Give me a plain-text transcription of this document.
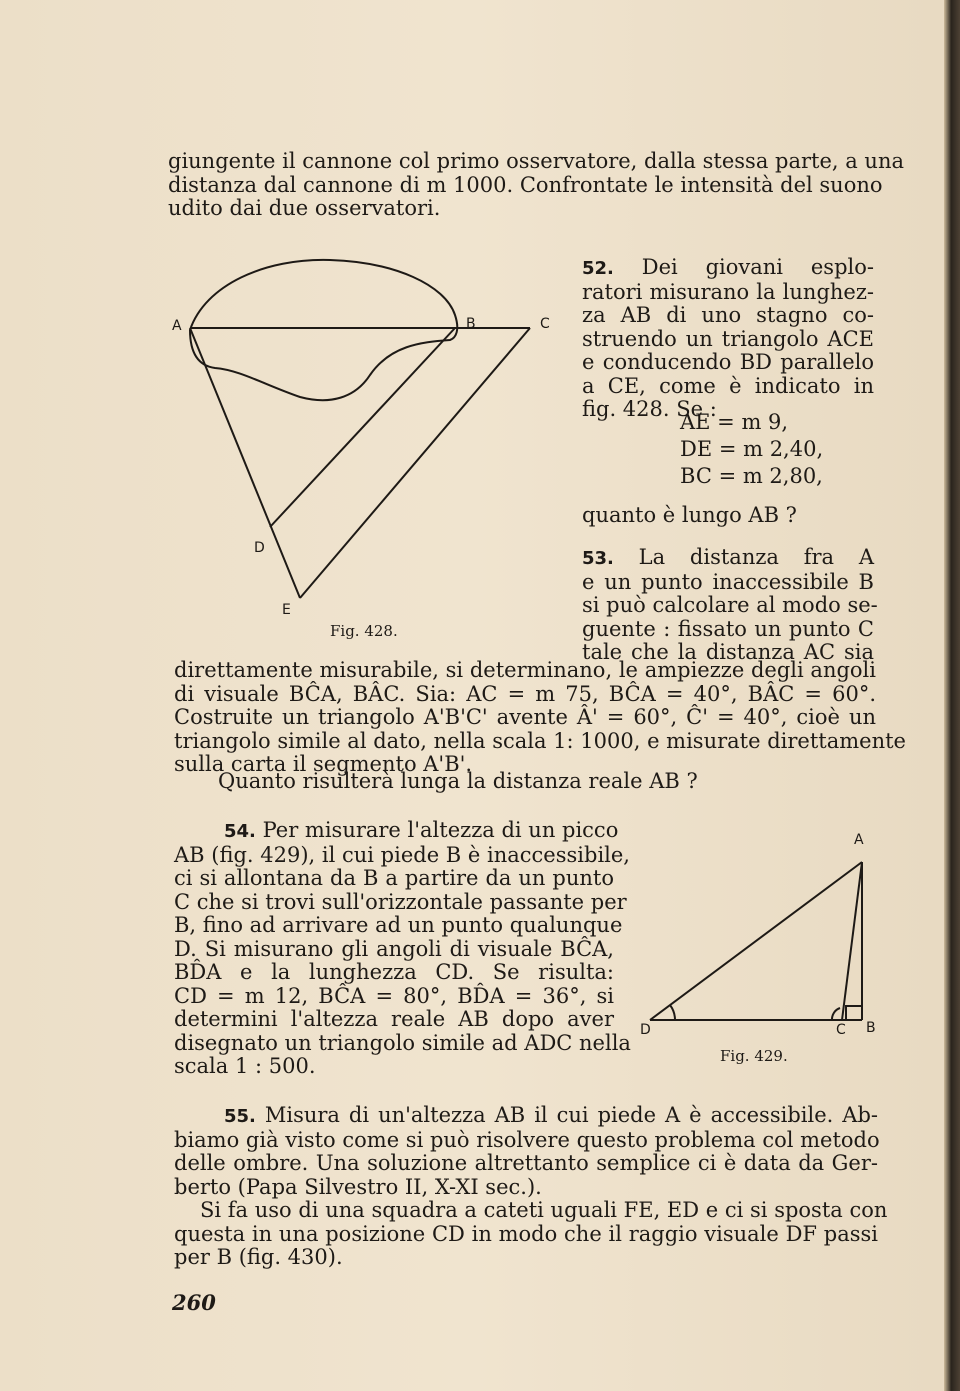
giungente il cannone col primo osservatore, dalla stessa parte, a una
distanza dal cannone di m 1000. Confrontate le intensità del suono
udito dai due osservatori.
52. Dei giovani esplo-
ratori misurano la lunghez-
za AB di uno stagno co-
struendo un triangolo ACE
e conducendo BD parallelo
a CE, come è indicato in
fig. 428. Se :
AE = m 9,
DE = m 2,40,
BC = m 2,80,
quanto è lungo AB ?
A	B	C
D
E
Fig. 428.
53. La distanza fra A
e un punto inaccessibile B
si può calcolare al modo se-
guente : fissato un punto C
tale che la distanza AC sia
direttamente misurabile, si determinano, le ampiezze degli angoli
di visuale BĈA, BÂC. Sia: AC = m 75, BĈA = 40°, BÂC = 60°.
Costruite un triangolo A'B'C' avente Â' = 60°, Ĉ' = 40°, cioè un
triangolo simile al dato, nella scala 1: 1000, e misurate direttamente
sulla carta il segmento A'B'.
Quanto risulterà lunga la distanza reale AB ?
54. Per misurare l'altezza di un picco
AB (fig. 429), il cui piede B è inaccessibile,
ci si allontana da B a partire da un punto
C che si trovi sull'orizzontale passante per
B, fino ad arrivare ad un punto qualunque
D. Si misurano gli angoli di visuale BĈA,
BD̂A e la lunghezza CD. Se risulta:
CD = m 12, BĈA = 80°, BD̂A = 36°, si
determini l'altezza reale AB dopo aver
disegnato un triangolo simile ad ADC nella
scala 1 : 500.
A
D	C B
Fig. 429.
55. Misura di un'altezza AB il cui piede A è accessibile. Ab-
biamo già visto come si può risolvere questo problema col metodo
delle ombre. Una soluzione altrettanto semplice ci è data da Ger-
berto (Papa Silvestro II, X-XI sec.).
Si fa uso di una squadra a cateti uguali FE, ED e ci si sposta con
questa in una posizione CD in modo che il raggio visuale DF passi
per B (fig. 430).
260
